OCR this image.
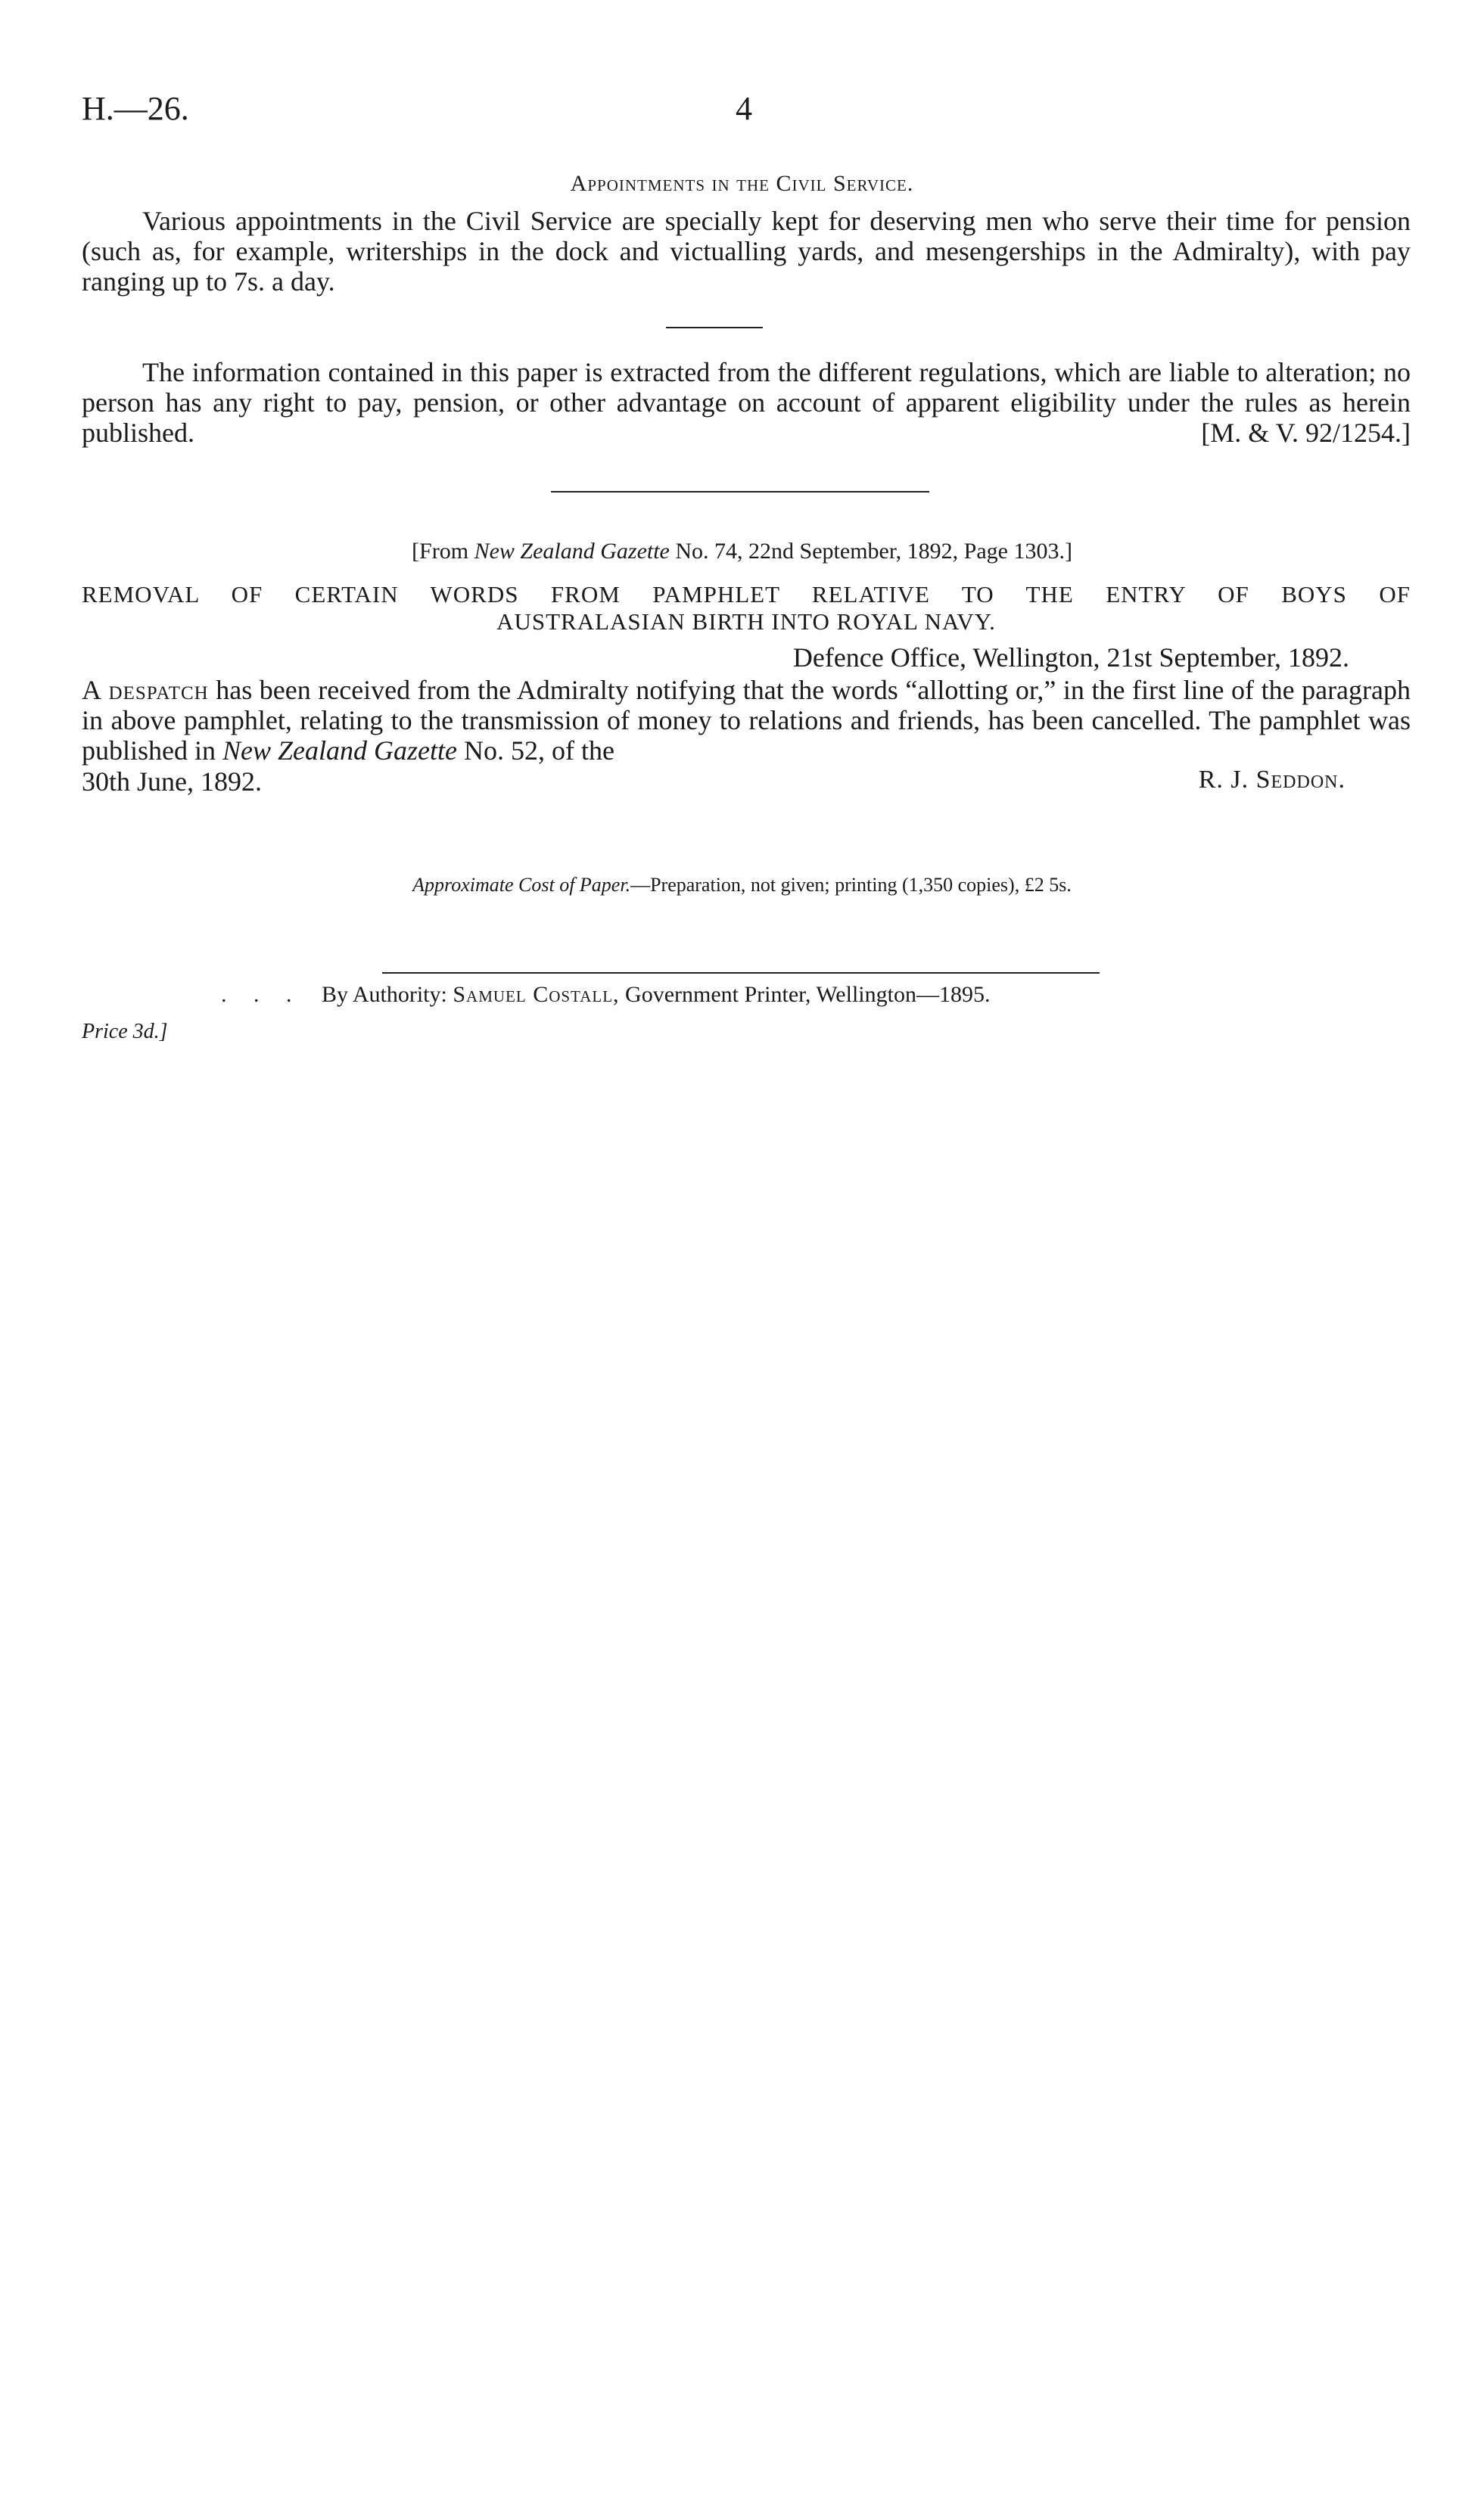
H.—26.	4
Appointments in the Civil Service.
Various appointments in the Civil Service are specially kept for deserving men who serve their time for pension (such as, for example, writerships in the dock and victualling yards, and mesengerships in the Admiralty), with pay ranging up to 7s. a day.
The information contained in this paper is extracted from the different regulations, which are liable to alteration; no person has any right to pay, pension, or other advantage on account of apparent eligibility under the rules as herein published.	[M. & V. 92/1254.]
[From New Zealand Gazette No. 74, 22nd September, 1892, Page 1303.]
REMOVAL OF CERTAIN WORDS FROM PAMPHLET RELATIVE TO THE ENTRY OF BOYS OF
AUSTRALASIAN BIRTH INTO ROYAL NAVY.
Defence Office, Wellington, 21st September, 1892.
A despatch has been received from the Admiralty notifying that the words “allotting or,” in the first line of the paragraph in above pamphlet, relating to the transmission of money to relations and friends, has been cancelled. The pamphlet was published in New Zealand Gazette No. 52, of the
30th June, 1892.	R. J. Seddon.
Approximate Cost of Paper.—Preparation, not given; printing (1,350 copies), £2 5s.
. . . By Authority: Samuel Costall, Government Printer, Wellington—1895.
Price 3d.]
